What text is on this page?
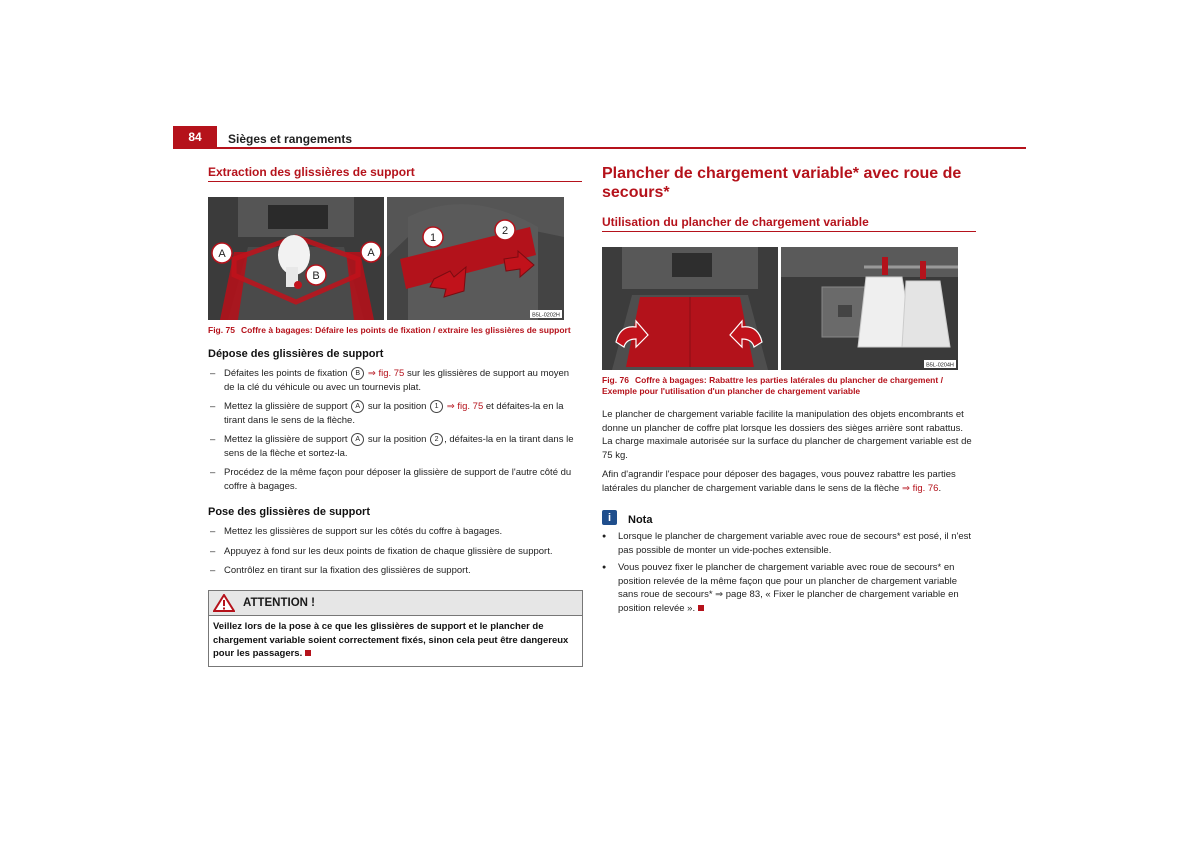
84	Sièges et rangements
Extraction des glissières de support
A
B
A
1
2
B5L-0202H
Fig. 75 Coffre à bagages: Défaire les points de fixation / extraire les glissières de support
Dépose des glissières de support
– Défaites les points de fixation B ⇒ fig. 75 sur les glissières de support au moyen de la clé du véhicule ou avec un tournevis plat.
– Mettez la glissière de support A sur la position 1 ⇒ fig. 75 et défaites-la en la tirant dans le sens de la flèche.
– Mettez la glissière de support A sur la position 2 , défaites-la en la tirant dans le sens de la flèche et sortez-la.
– Procédez de la même façon pour déposer la glissière de support de l'autre côté du coffre à bagages.
Pose des glissières de support
– Mettez les glissières de support sur les côtés du coffre à bagages.
– Appuyez à fond sur les deux points de fixation de chaque glissière de support.
– Contrôlez en tirant sur la fixation des glissières de support.
ATTENTION !
Veillez lors de la pose à ce que les glissières de support et le plancher de chargement variable soient correctement fixés, sinon cela peut être dangereux pour les passagers.
Plancher de chargement variable* avec roue de secours*
Utilisation du plancher de chargement variable
B5L-0204H
Fig. 76 Coffre à bagages: Rabattre les parties latérales du plancher de chargement / Exemple pour l'utilisation d'un plancher de chargement variable
Le plancher de chargement variable facilite la manipulation des objets encombrants et donne un plancher de coffre plat lorsque les dossiers des sièges arrière sont rabattus. La charge maximale autorisée sur la surface du plancher de chargement variable est de 75 kg.
Afin d'agrandir l'espace pour déposer des bagages, vous pouvez rabattre les parties latérales du plancher de chargement variable dans le sens de la flèche ⇒ fig. 76.
i	Nota
● Lorsque le plancher de chargement variable avec roue de secours* est posé, il n'est pas possible de monter un vide-poches extensible.
● Vous pouvez fixer le plancher de chargement variable avec roue de secours* en position relevée de la même façon que pour un plancher de chargement variable sans roue de secours* ⇒ page 83, « Fixer le plancher de chargement variable en position relevée ».
